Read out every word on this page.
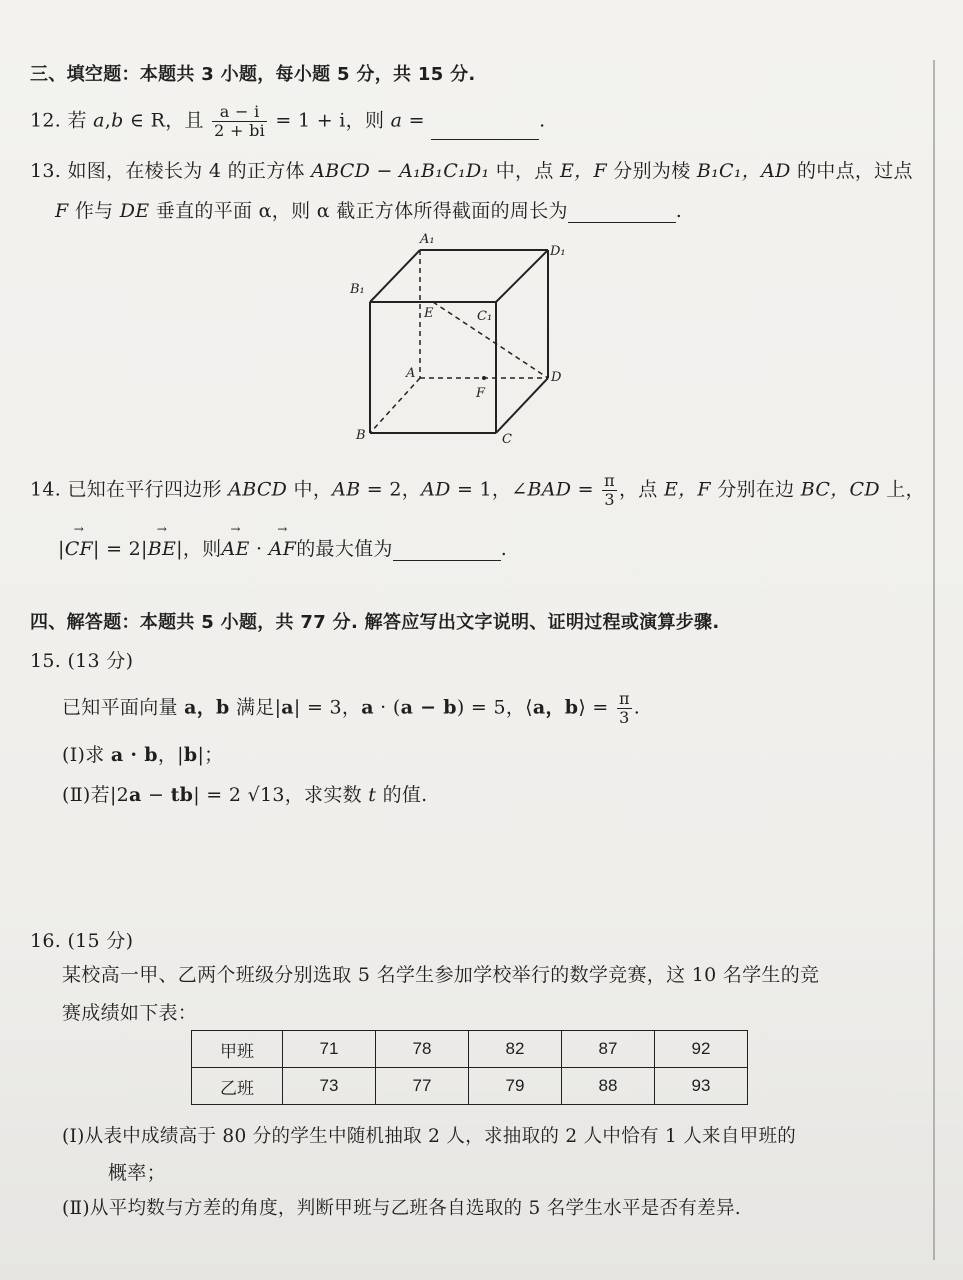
三、填空题：本题共 3 小题，每小题 5 分，共 15 分.
12. 若 a,b ∈ R，且 $\frac{a - i}{2 + bi} = 1 + i$，则 a =	.
13. 如图，在棱长为 4 的正方体 ABCD − A₁B₁C₁D₁ 中，点 E，F 分别为棱 B₁C₁，AD 的中点，过点
F 作与 DE 垂直的平面 α，则 α 截正方体所得截面的周长为	.
A₁
D₁
B₁
E	C₁
A	D
F
B	C
14. 已知在平行四边形 ABCD 中，AB = 2，AD = 1，∠BAD = $\frac{\pi}{3}$ ，点 E，F 分别在边 BC，CD 上，
|→ CF| = 2|→ BE|，则→ AE · → AF的最大值为	.
四、解答题：本题共 5 小题，共 77 分. 解答应写出文字说明、证明过程或演算步骤.
15. (13 分)
已知平面向量 a，b 满足|a| = 3，a · (a − b) = 5，⟨a，b⟩ = $\frac{\pi}{3}$ .
(Ⅰ)求 a · b，|b|；
(Ⅱ)若|2a − tb| = 2 √13，求实数 t 的值.
16. (15 分)
某校高一甲、乙两个班级分别选取 5 名学生参加学校举行的数学竞赛，这 10 名学生的竞
赛成绩如下表：
甲班	71	78	82	87	92
乙班	73	77	79	88	93
(Ⅰ)从表中成绩高于 80 分的学生中随机抽取 2 人，求抽取的 2 人中恰有 1 人来自甲班的
概率；
(Ⅱ)从平均数与方差的角度，判断甲班与乙班各自选取的 5 名学生水平是否有差异.
